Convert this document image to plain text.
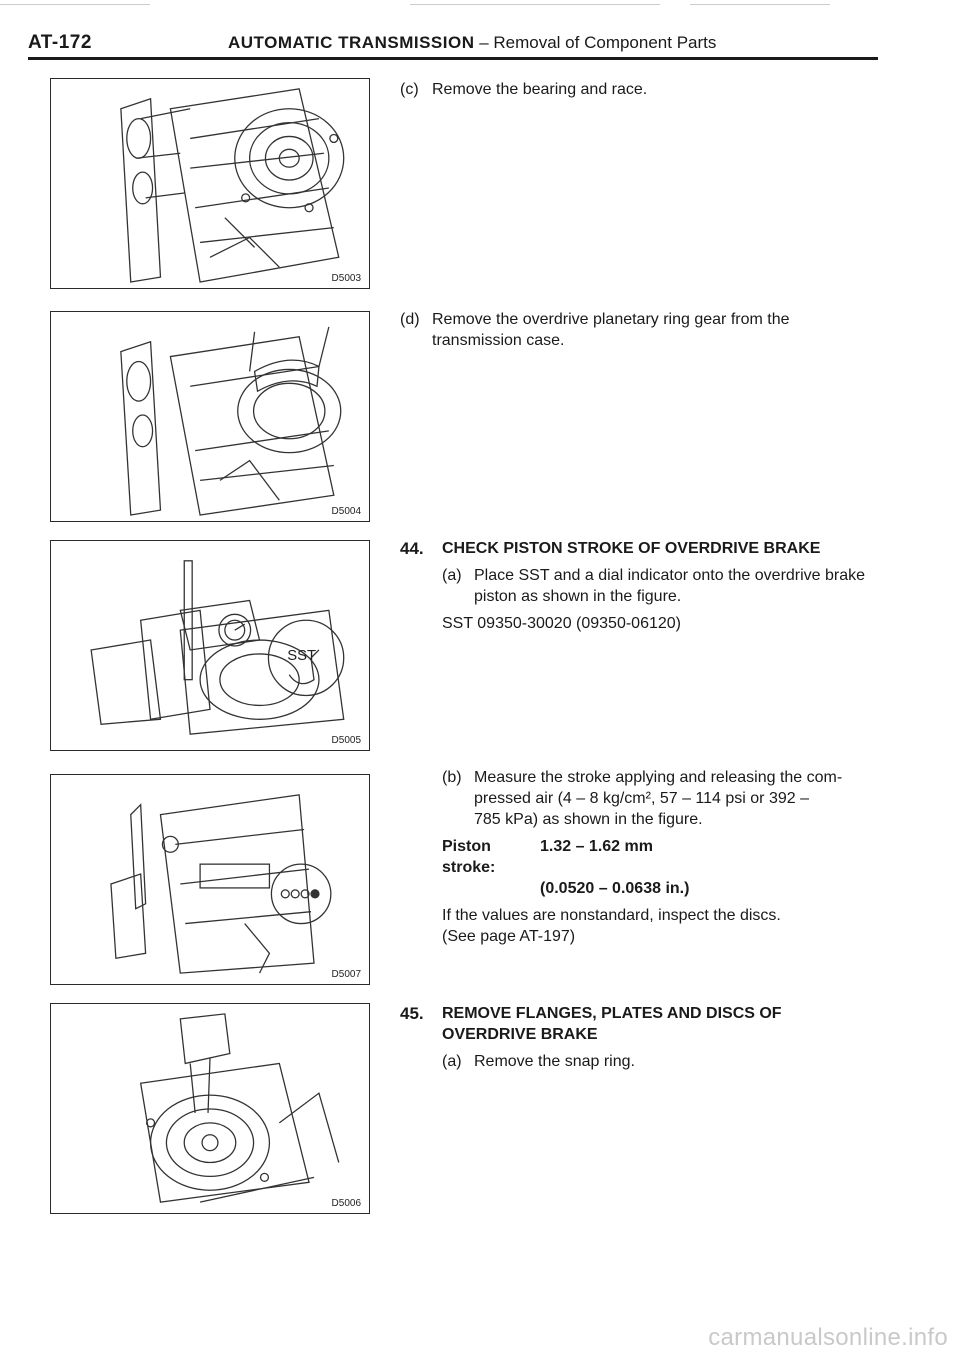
AT-172	AUTOMATIC TRANSMISSION – Removal of Component Parts
D5003
D5004
SST
D5005
D5007
D5006
(c) Remove the bearing and race.
(d) Remove the overdrive planetary ring gear from the transmission case.
44. CHECK PISTON STROKE OF OVERDRIVE BRAKE
(a) Place SST and a dial indicator onto the overdrive brake piston as shown in the figure.
SST 09350-30020 (09350-06120)
(b) Measure the stroke applying and releasing the com-
pressed air (4 – 8 kg/cm², 57 – 114 psi or 392 –
785 kPa) as shown in the figure.
Piston stroke:
1.32 – 1.62 mm
(0.0520 – 0.0638 in.)
If the values are nonstandard, inspect the discs.
(See page AT-197)
45. REMOVE FLANGES, PLATES AND DISCS OF OVERDRIVE BRAKE
(a) Remove the snap ring.
carmanualsonline.info
